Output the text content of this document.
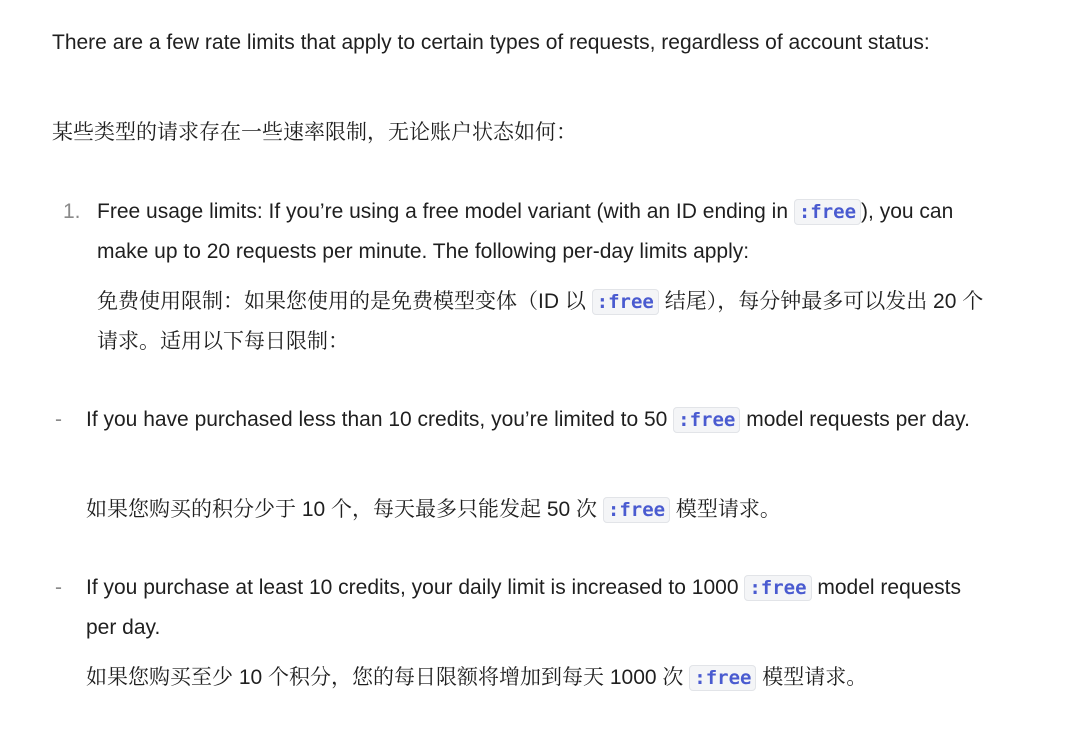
There are a few rate limits that apply to certain types of requests, regardless of account status:

某些类型的请求存在一些速率限制，无论账户状态如何：

1. Free usage limits: If you’re using a free model variant (with an ID ending in :free ), you can make up to 20 requests per minute. The following per-day limits apply:

免费使用限制：如果您使用的是免费模型变体（ID 以 :free 结尾），每分钟最多可以发出 20 个请求。适用以下每日限制：

- If you have purchased less than 10 credits, you’re limited to 50 :free model requests per day.

如果您购买的积分少于 10 个，每天最多只能发起 50 次 :free 模型请求。

- If you purchase at least 10 credits, your daily limit is increased to 1000 :free model requests per day.

如果您购买至少 10 个积分，您的每日限额将增加到每天 1000 次 :free 模型请求。
